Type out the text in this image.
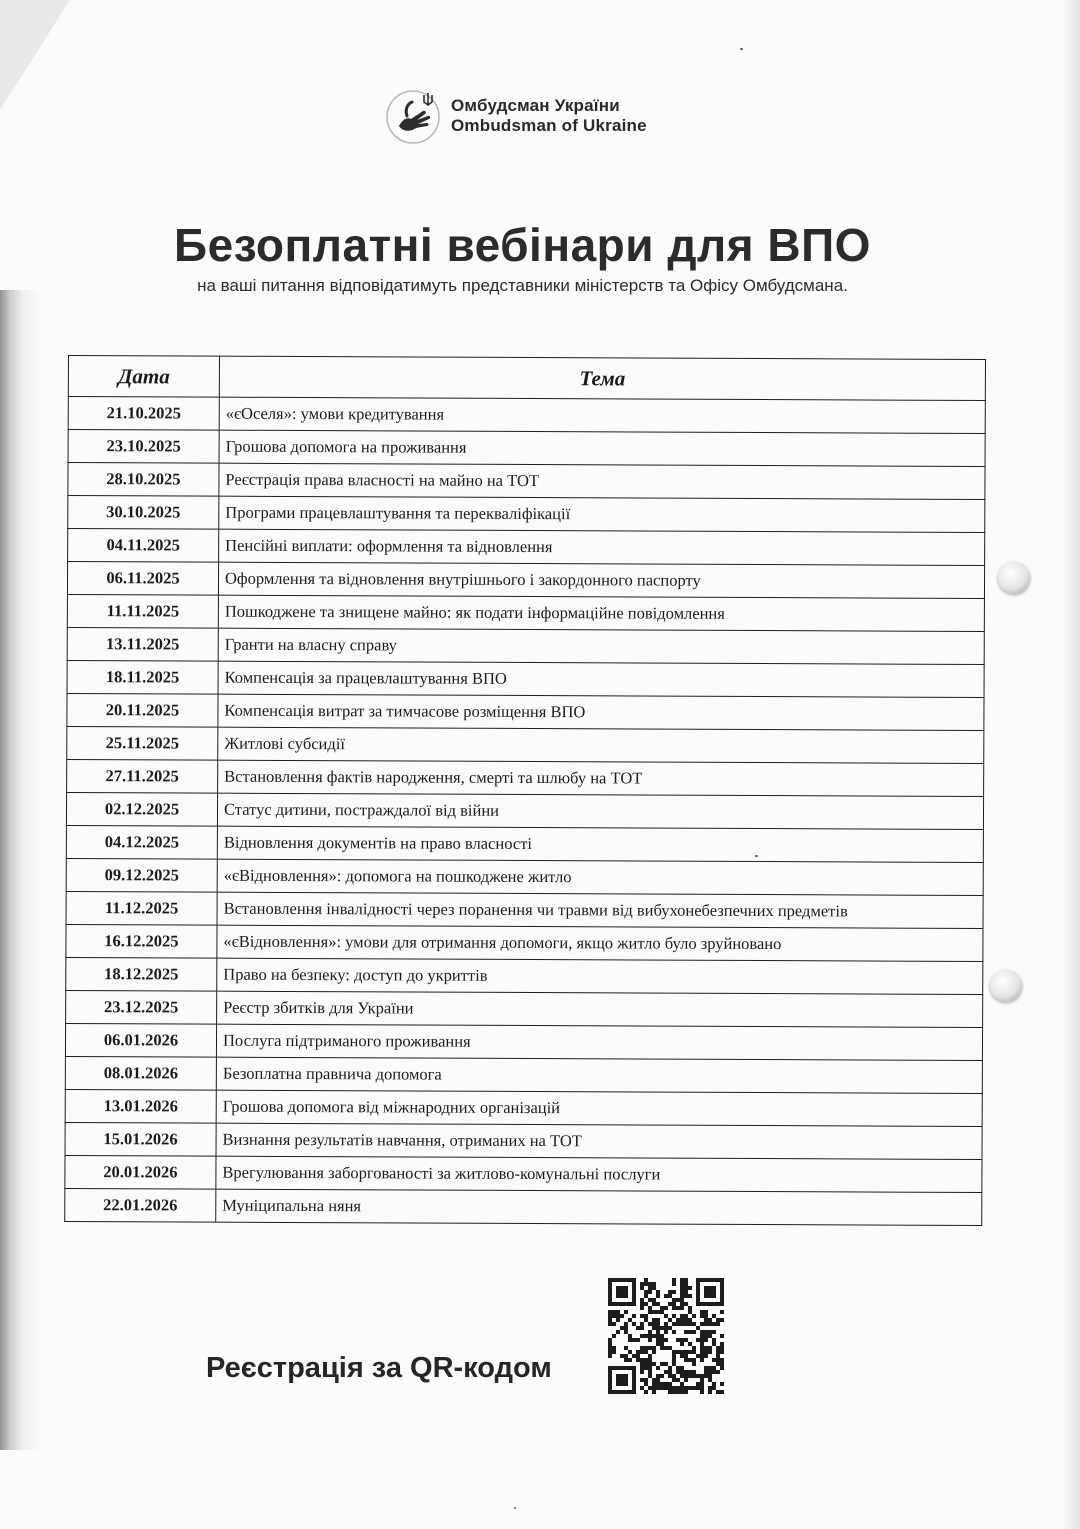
Омбудсман України
Ombudsman of Ukraine
Безоплатні вебінари для ВПО

на ваші питання відповідатимуть представники міністерств та Офісу Омбудсмана.

Дата	Тема
21.10.2025	«єОселя»: умови кредитування
23.10.2025	Грошова допомога на проживання
28.10.2025	Реєстрація права власності на майно на ТОТ
30.10.2025	Програми працевлаштування та перекваліфікації
04.11.2025	Пенсійні виплати: оформлення та відновлення
06.11.2025	Оформлення та відновлення внутрішнього і закордонного паспорту
11.11.2025	Пошкоджене та знищене майно: як подати інформаційне повідомлення
13.11.2025	Гранти на власну справу
18.11.2025	Компенсація за працевлаштування ВПО
20.11.2025	Компенсація витрат за тимчасове розміщення ВПО
25.11.2025	Житлові субсидії
27.11.2025	Встановлення фактів народження, смерті та шлюбу на ТОТ
02.12.2025	Статус дитини, постраждалої від війни
04.12.2025	Відновлення документів на право власності
09.12.2025	«єВідновлення»: допомога на пошкоджене житло
11.12.2025	Встановлення інвалідності через поранення чи травми від вибухонебезпечних предметів
16.12.2025	«єВідновлення»: умови для отримання допомоги, якщо житло було зруйновано
18.12.2025	Право на безпеку: доступ до укриттів
23.12.2025	Реєстр збитків для України
06.01.2026	Послуга підтриманого проживання
08.01.2026	Безоплатна правнича допомога
13.01.2026	Грошова допомога від міжнародних організацій
15.01.2026	Визнання результатів навчання, отриманих на ТОТ
20.01.2026	Врегулювання заборгованості за житлово-комунальні послуги
22.01.2026	Муніципальна няня

Реєстрація за QR-кодом
